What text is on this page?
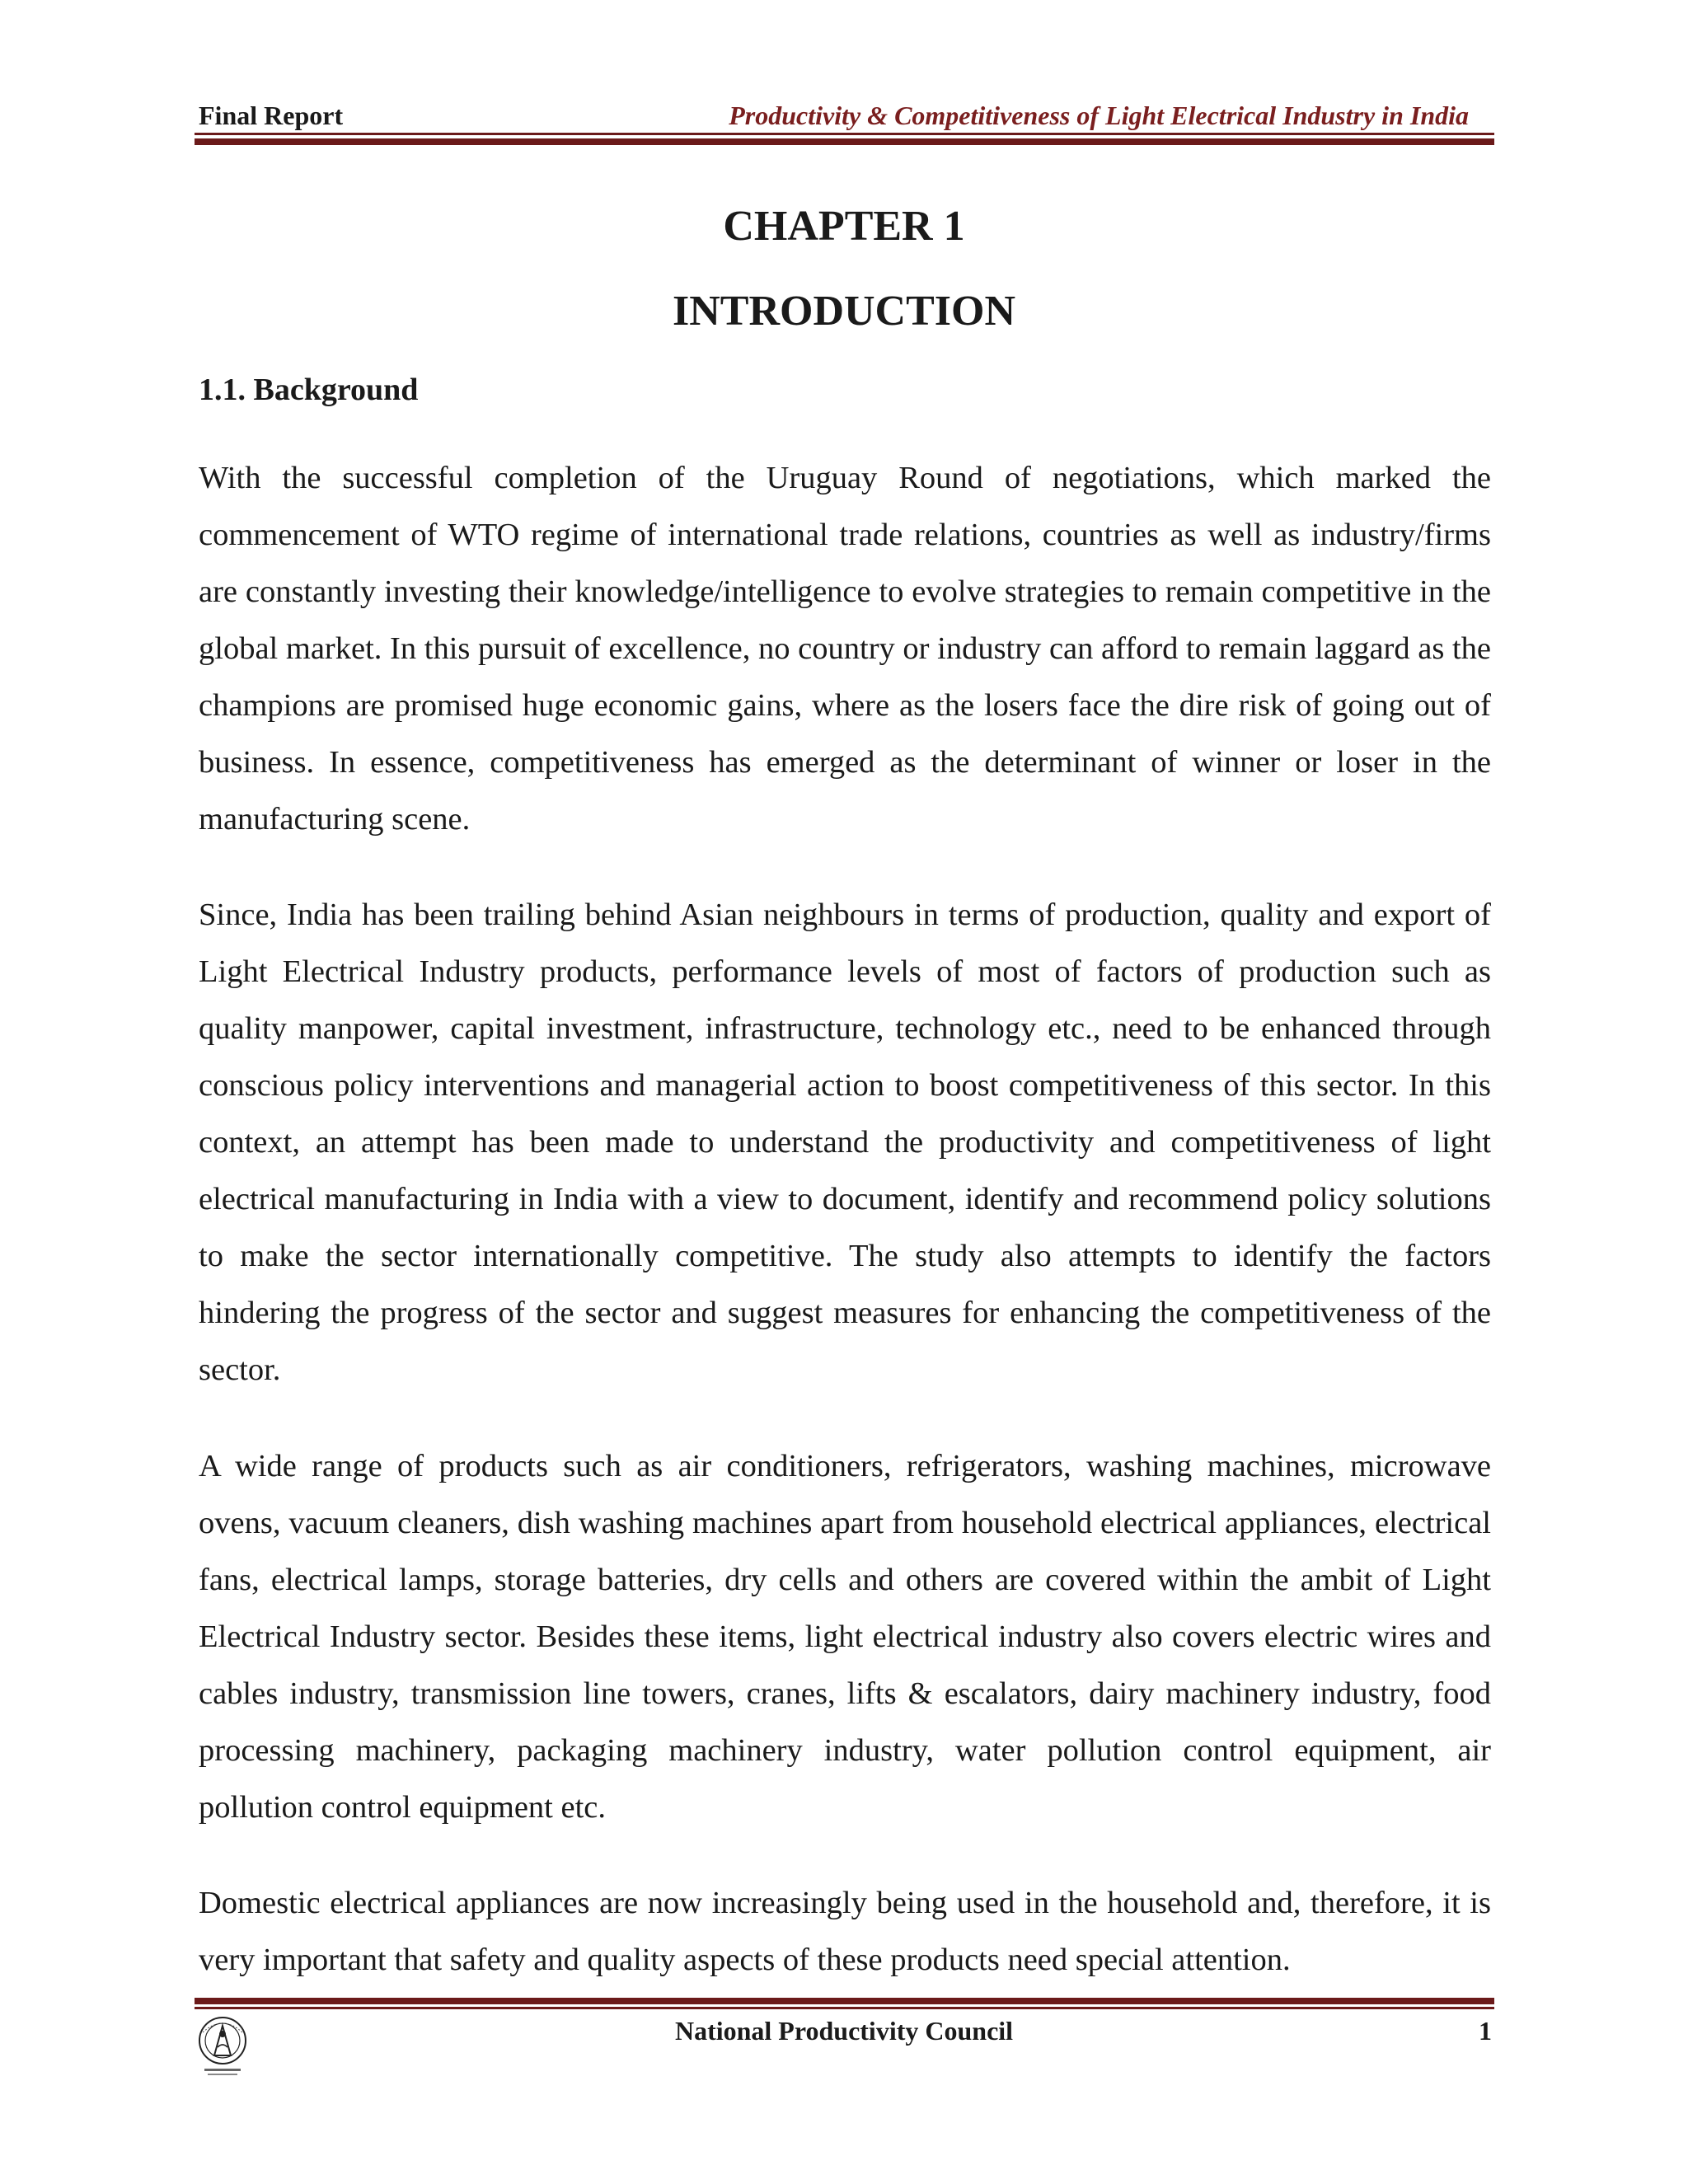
Final Report	Productivity & Competitiveness of Light Electrical Industry in India
CHAPTER 1
INTRODUCTION
1.1. Background

With the successful completion of the Uruguay Round of negotiations, which marked the commencement of WTO regime of international trade relations, countries as well as industry/firms are constantly investing their knowledge/intelligence to evolve strategies to remain competitive in the global market. In this pursuit of excellence, no country or industry can afford to remain laggard as the champions are promised huge economic gains, where as the losers face the dire risk of going out of business. In essence, competitiveness has emerged as the determinant of winner or loser in the manufacturing scene.

Since, India has been trailing behind Asian neighbours in terms of production, quality and export of Light Electrical Industry products, performance levels of most of factors of production such as quality manpower, capital investment, infrastructure, technology etc., need to be enhanced through conscious policy interventions and managerial action to boost competitiveness of this sector. In this context, an attempt has been made to understand the productivity and competitiveness of light electrical manufacturing in India with a view to document, identify and recommend policy solutions to make the sector internationally competitive. The study also attempts to identify the factors hindering the progress of the sector and suggest measures for enhancing the competitiveness of the sector.

A wide range of products such as air conditioners, refrigerators, washing machines, microwave ovens, vacuum cleaners, dish washing machines apart from household electrical appliances, electrical fans, electrical lamps, storage batteries, dry cells and others are covered within the ambit of Light Electrical Industry sector. Besides these items, light electrical industry also covers electric wires and cables industry, transmission line towers, cranes, lifts & escalators, dairy machinery industry, food processing machinery, packaging machinery industry, water pollution control equipment, air pollution control equipment etc.

Domestic electrical appliances are now increasingly being used in the household and, therefore, it is very important that safety and quality aspects of these products need special attention.

National Productivity Council	1
